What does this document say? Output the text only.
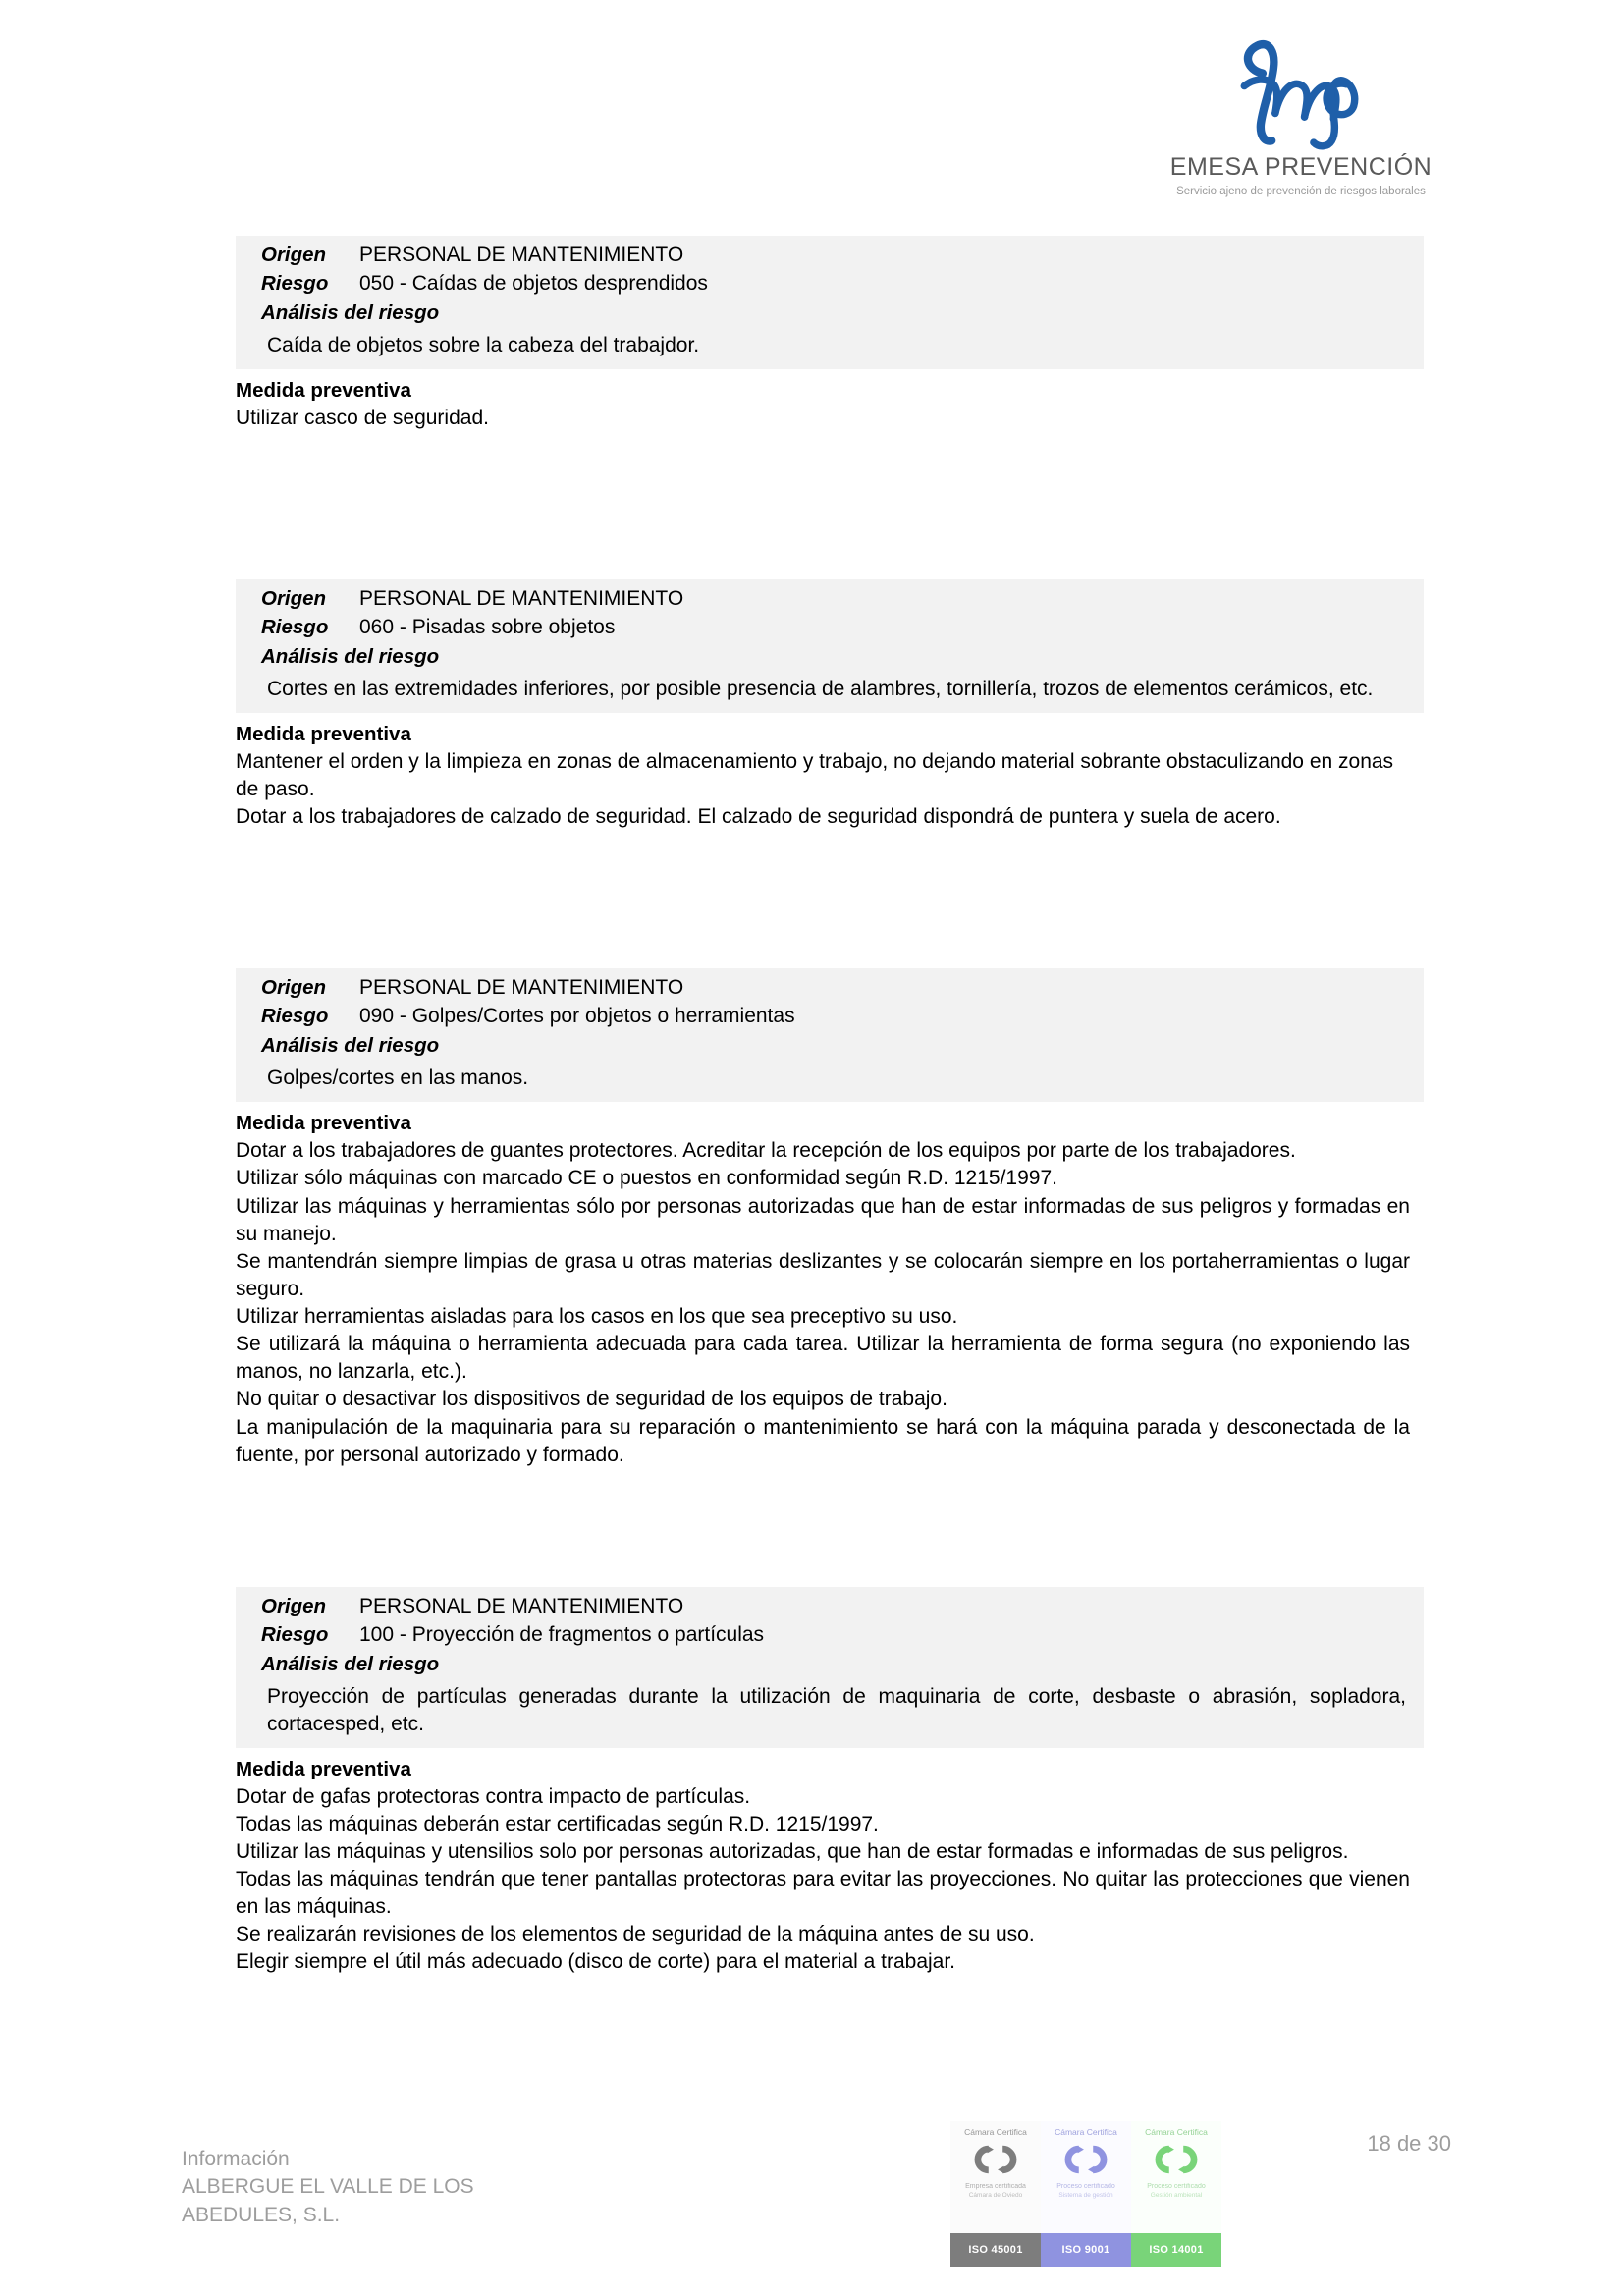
EMESA PREVENCIÓN
Servicio ajeno de prevención de riesgos laborales
Origen	PERSONAL DE MANTENIMIENTO
Riesgo	050 - Caídas de objetos desprendidos
Análisis del riesgo
Caída de objetos sobre la cabeza del trabajdor.
Medida preventiva
Utilizar casco de seguridad.
Origen	PERSONAL DE MANTENIMIENTO
Riesgo	060 - Pisadas sobre objetos
Análisis del riesgo
Cortes en las extremidades inferiores, por posible presencia de alambres, tornillería, trozos de elementos cerámicos, etc.
Medida preventiva
Mantener el orden y la limpieza en zonas de almacenamiento y trabajo, no dejando material sobrante obstaculizando en zonas de paso.
Dotar a los trabajadores de calzado de seguridad. El calzado de seguridad dispondrá de puntera y suela de acero.
Origen	PERSONAL DE MANTENIMIENTO
Riesgo	090 - Golpes/Cortes por objetos o herramientas
Análisis del riesgo
Golpes/cortes en las manos.
Medida preventiva
Dotar a los trabajadores de guantes protectores. Acreditar la recepción de los equipos por parte de los trabajadores.
Utilizar sólo máquinas con marcado CE o puestos en conformidad según R.D. 1215/1997.
Utilizar las máquinas y herramientas sólo por personas autorizadas que han de estar informadas de sus peligros y formadas en su manejo.
Se mantendrán siempre limpias de grasa u otras materias deslizantes y se colocarán siempre en los portaherramientas o lugar seguro.
Utilizar herramientas aisladas para los casos en los que sea preceptivo su uso.
Se utilizará la máquina o herramienta adecuada para cada tarea. Utilizar la herramienta de forma segura (no exponiendo las manos, no lanzarla, etc.).
No quitar o desactivar los dispositivos de seguridad de los equipos de trabajo.
La manipulación de la maquinaria para su reparación o mantenimiento se hará con la máquina parada y desconectada de la fuente, por personal autorizado y formado.
Origen	PERSONAL DE MANTENIMIENTO
Riesgo	100 - Proyección de fragmentos o partículas
Análisis del riesgo
Proyección de partículas generadas durante la utilización de maquinaria de corte, desbaste o abrasión, sopladora, cortacesped, etc.
Medida preventiva
Dotar de gafas protectoras contra impacto de partículas.
Todas las máquinas deberán estar certificadas según R.D. 1215/1997.
Utilizar las máquinas y utensilios solo por personas autorizadas, que han de estar formadas e informadas de sus peligros.
Todas las máquinas tendrán que tener pantallas protectoras para evitar las proyecciones. No quitar las protecciones que vienen en las máquinas.
Se realizarán revisiones de los elementos de seguridad de la máquina antes de su uso.
Elegir siempre el útil más adecuado (disco de corte) para el material a trabajar.
Información
ALBERGUE EL VALLE DE LOS
ABEDULES, S.L.
Cámara Certifica
Empresa certificada
Cámara de Oviedo
ISO 45001
Cámara Certifica
Proceso certificado
Sistema de gestión
ISO 9001
Cámara Certifica
Proceso certificado
Gestión ambiental
ISO 14001
18 de 30
